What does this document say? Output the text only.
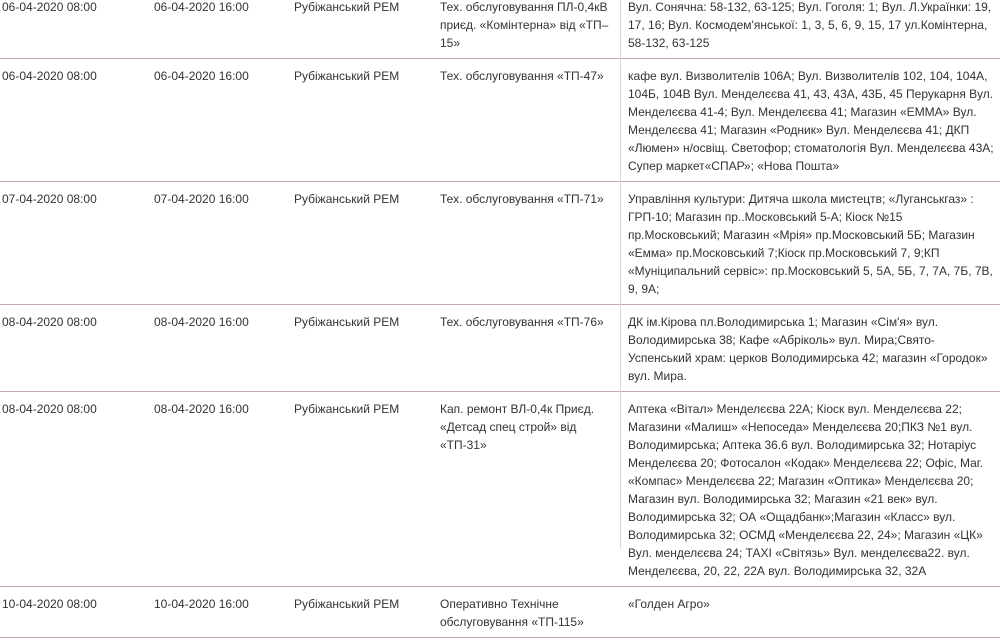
06-04-2020 08:00	06-04-2020 16:00	Рубіжанський РЕМ	Тех. обслуговування ПЛ-0,4кВ приєд. «Комінтерна» від «ТП–15»	Вул. Сонячна: 58-132, 63-125; Вул. Гоголя: 1; Вул. Л.Українки: 19, 17, 16; Вул. Космодем'янської: 1, 3, 5, 6, 9, 15, 17 ул.Комінтерна, 58-132, 63-125
06-04-2020 08:00	06-04-2020 16:00	Рубіжанський РЕМ	Тех. обслуговування «ТП-47»	кафе вул. Визволителів 106А; Вул. Визволителів 102, 104, 104А, 104Б, 104В Вул. Менделєєва 41, 43, 43А, 43Б, 45 Перукарня Вул. Менделєєва 41-4; Вул. Менделєєва 41; Магазин «ЕММА» Вул. Менделєєва 41; Магазин «Родник» Вул. Менделєєва 41; ДКП «Люмен» н/освіщ. Светофор; стоматологія Вул. Менделєєва 43А; Супер маркет«СПАР»; «Нова Пошта»
07-04-2020 08:00	07-04-2020 16:00	Рубіжанський РЕМ	Тех. обслуговування «ТП-71»	Управління культури: Дитяча школа мистецтв; «Луганськгаз» : ГРП-10; Магазин пр..Московський 5-А; Кіоск №15 пр.Московський; Магазин «Мрія» пр.Московський 5Б; Магазин «Емма» пр.Московський 7;Кіоск пр.Московський 7, 9;КП «Муніципальний сервіс»: пр.Московський 5, 5А, 5Б, 7, 7А, 7Б, 7В, 9, 9А;
08-04-2020 08:00	08-04-2020 16:00	Рубіжанський РЕМ	Тех. обслуговування «ТП-76»	ДК ім.Кірова пл.Володимирська 1; Магазин «Сім'я» вул. Володимирська 38; Кафе «Абріколь» вул. Мира;Свято-Успенський храм: церков Володимирська 42; магазин «Городок» вул. Мира.
08-04-2020 08:00	08-04-2020 16:00	Рубіжанський РЕМ	Кап. ремонт ВЛ-0,4к Приєд. «Детсад спец строй» від «ТП-31»	Аптека «Вітал» Менделєєва 22А; Кіоск вул. Менделєєва 22; Магазини «Малиш» «Непоседа» Менделєєва 20;ПКЗ №1 вул. Володимирська; Аптека 36.6 вул. Володимирська 32; Нотаріус Менделєєва 20; Фотосалон «Кодак» Менделєєва 22; Офіс, Маг. «Компас» Менделєєва 22; Магазин «Оптика» Менделєєва 20; Магазин вул. Володимирська 32; Магазин «21 век» вул. Володимирська 32; ОА «Ощадбанк»;Магазин «Класс» вул. Володимирська 32; ОСМД «Менделєєва 22, 24»; Магазин «ЦК» Вул. менделєєва 24; ТАХІ «Світязь» Вул. менделєєва22. вул. Менделєєва, 20, 22, 22А вул. Володимирська 32, 32А
10-04-2020 08:00	10-04-2020 16:00	Рубіжанський РЕМ	Оперативно Технічне обслуговування «ТП-115»	«Голден Агро»
